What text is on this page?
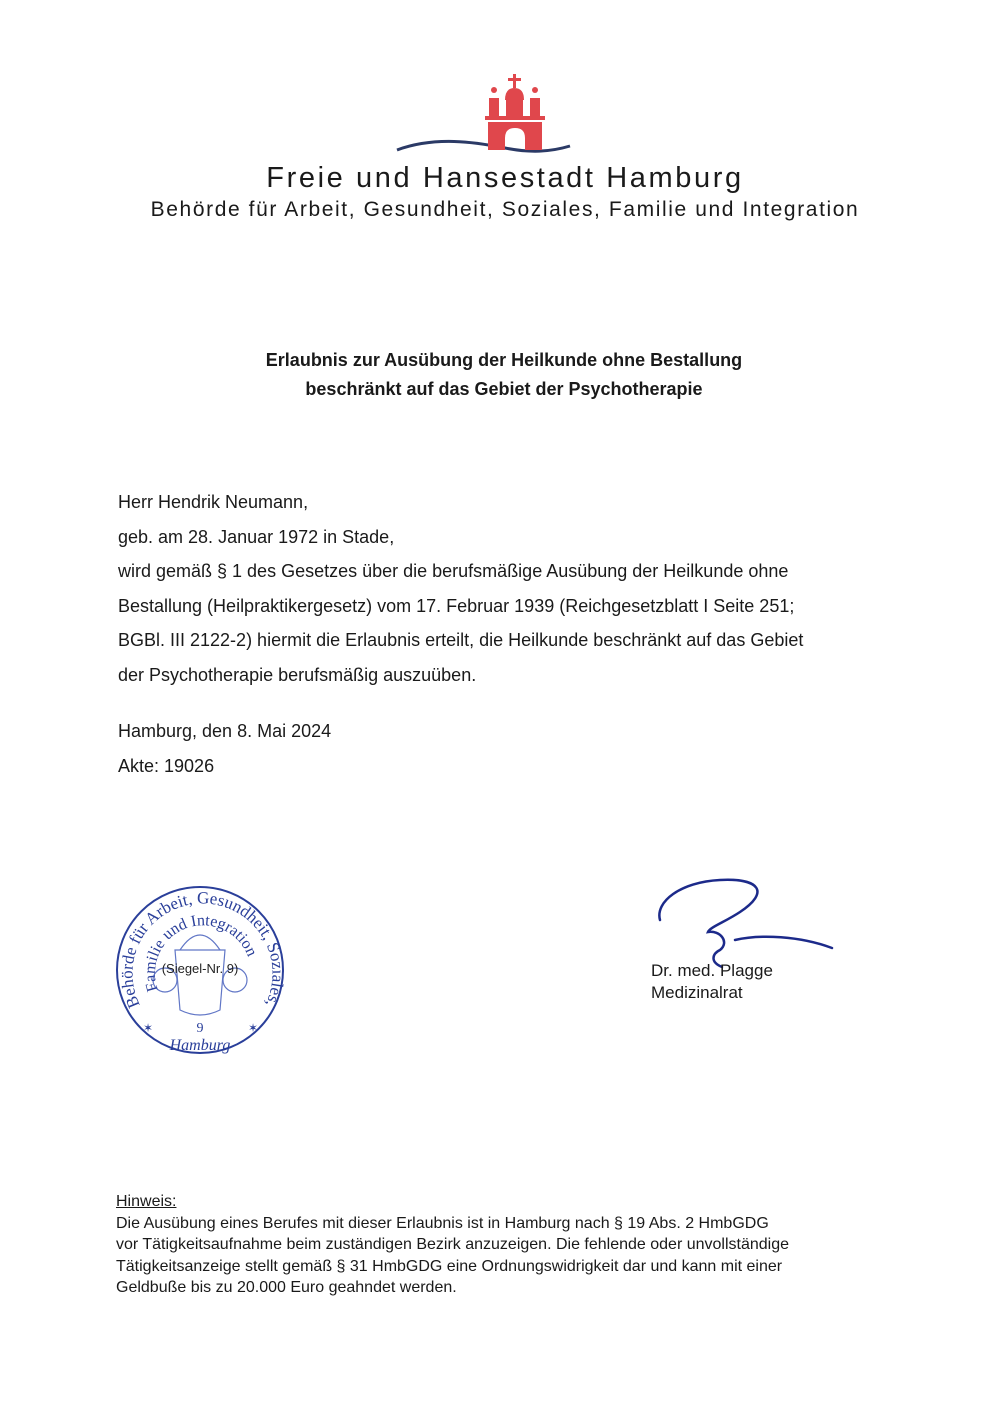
Freie und Hansestadt Hamburg
Behörde für Arbeit, Gesundheit, Soziales, Familie und Integration
Erlaubnis zur Ausübung der Heilkunde ohne Bestallung
beschränkt auf das Gebiet der Psychotherapie

Herr Hendrik Neumann,

geb. am 28. Januar 1972 in Stade,

wird gemäß § 1 des Gesetzes über die berufsmäßige Ausübung der Heilkunde ohne

Bestallung (Heilpraktikergesetz) vom 17. Februar 1939 (Reichgesetzblatt I Seite 251;

BGBl. III 2122-2) hiermit die Erlaubnis erteilt, die Heilkunde beschränkt auf das Gebiet

der Psychotherapie berufsmäßig auszuüben.

Hamburg, den 8. Mai 2024
Akte: 19026
Behörde für Arbeit, Gesundheit, Soziales,
Familie und Integration
9
Hamburg
✶	✶
(Siegel-Nr. 9)	Dr. med. Plagge
Medizinalrat
Hinweis:
Die Ausübung eines Berufes mit dieser Erlaubnis ist in Hamburg nach § 19 Abs. 2 HmbGDG
vor Tätigkeitsaufnahme beim zuständigen Bezirk anzuzeigen. Die fehlende oder unvollständige
Tätigkeitsanzeige stellt gemäß § 31 HmbGDG eine Ordnungswidrigkeit dar und kann mit einer
Geldbuße bis zu 20.000 Euro geahndet werden.
